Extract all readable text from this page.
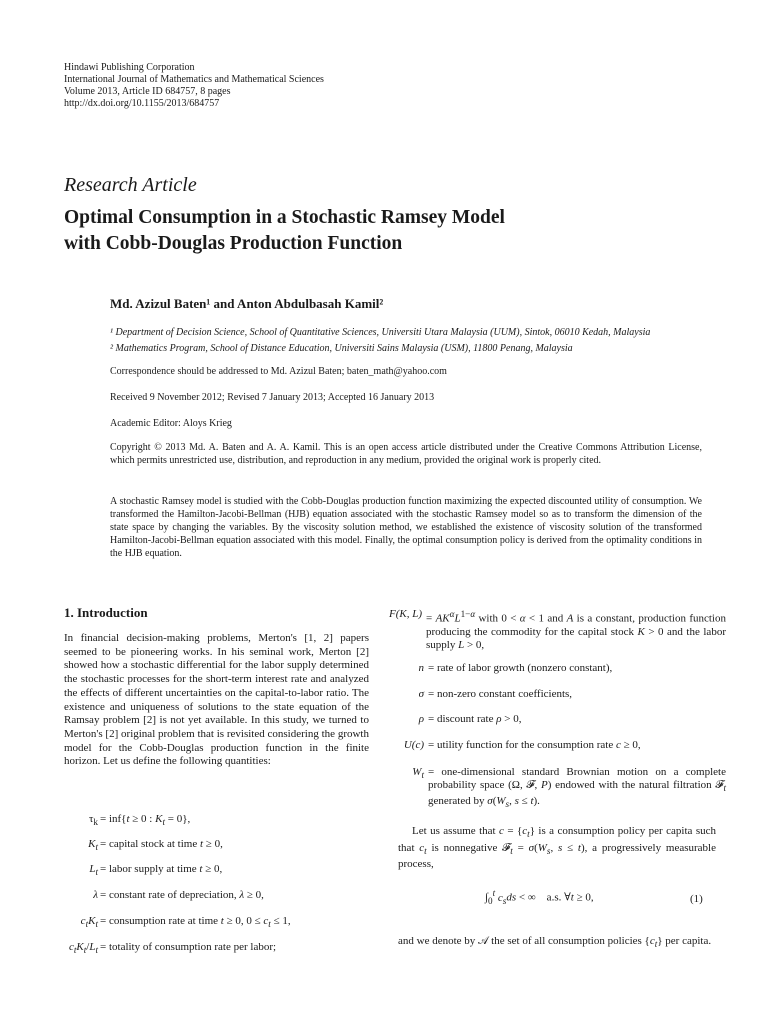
Hindawi Publishing Corporation
International Journal of Mathematics and Mathematical Sciences
Volume 2013, Article ID 684757, 8 pages
http://dx.doi.org/10.1155/2013/684757
Research Article
Optimal Consumption in a Stochastic Ramsey Model
with Cobb-Douglas Production Function
Md. Azizul Baten¹ and Anton Abdulbasah Kamil²
¹ Department of Decision Science, School of Quantitative Sciences, Universiti Utara Malaysia (UUM), Sintok, 06010 Kedah, Malaysia
² Mathematics Program, School of Distance Education, Universiti Sains Malaysia (USM), 11800 Penang, Malaysia
Correspondence should be addressed to Md. Azizul Baten; baten_math@yahoo.com
Received 9 November 2012; Revised 7 January 2013; Accepted 16 January 2013
Academic Editor: Aloys Krieg
Copyright © 2013 Md. A. Baten and A. A. Kamil. This is an open access article distributed under the Creative Commons Attribution License, which permits unrestricted use, distribution, and reproduction in any medium, provided the original work is properly cited.
A stochastic Ramsey model is studied with the Cobb-Douglas production function maximizing the expected discounted utility of consumption. We transformed the Hamilton-Jacobi-Bellman (HJB) equation associated with the stochastic Ramsey model so as to transform the dimension of the state space by changing the variables. By the viscosity solution method, we established the existence of viscosity solution of the transformed Hamilton-Jacobi-Bellman equation associated with this model. Finally, the optimal consumption policy is derived from the optimality conditions in the HJB equation.
1. Introduction
In financial decision-making problems, Merton's [1, 2] papers seemed to be pioneering works. In his seminal work, Merton [2] showed how a stochastic differential for the labor supply determined the stochastic processes for the short-term interest rate and analyzed the effects of different uncertainties on the capital-to-labor ratio. The existence and uniqueness of solutions to the state equation of the Ramsay problem [2] is not yet available. In this study, we turned to Merton's [2] original problem that is revisited considering the growth model for the Cobb-Douglas production function in the finite horizon. Let us define the following quantities:
$\tau_k = inf\{t \ge 0$ : $K_t = 0$},
$K_t$ = capital stock at time t ≥ 0,
$L_t$ = labor supply at time t ≥ 0,
λ = constant rate of depreciation, λ ≥ 0,
$c_tK_t$ = consumption rate at time t ≥ 0, $0 \le c_t \le 1$,
$c_tK_t/L_t$ = totality of consumption rate per labor;
F(K, $L) = AK^\alpha L^{1-\alpha}$ with 0 < α < 1 and A is a constant, production function producing the commodity for the capital stock K > 0 and the labor supply L > 0,
n = rate of labor growth (nonzero constant),
σ = non-zero constant coefficients,
ρ = discount rate ρ > 0,
U(c) = utility function for the consumption rate c ≥ 0,
$W_t$ = one-dimensional standard Brownian motion on a complete probability space (Ω, 𝓕, P) endowed with the natural filtration 𝓕$_t$ generated by $\sigma(W_s$, s ≤ t).
Let us assume that $c = \{c_t\}$ is a consumption policy per capita such that $c_t$ is nonnegative 𝓕$_t$ = $\sigma(W_s$, s ≤ t), a progressively measurable process,
$\int_0^t$ $c_sds$ < ∞    a.s. ∀t ≥ 0,	(1)
and we denote by 𝒜 the set of all consumption policies $\{c_t\}$ per capita.
